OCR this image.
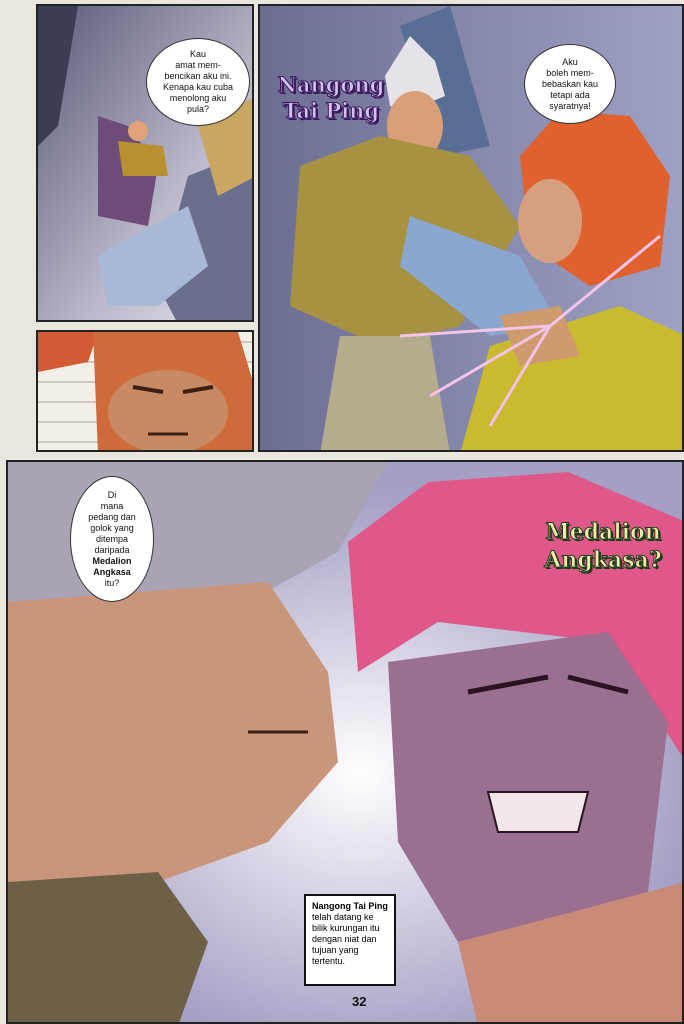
Kau
amat mem-
bencikan aku ini.
Kenapa kau cuba
menolong aku
pula?

Nangong
Tai Ping

Aku
boleh mem-
bebaskan kau
tetapi ada
syaratnya!

Medalion
Angkasa?

Di
mana
pedang dan
golok yang
ditempa
daripada
Medalion
Angkasa
itu?
Nangong Tai Ping telah datang ke bilik kurungan itu dengan niat dan tujuan yang tertentu.
32
